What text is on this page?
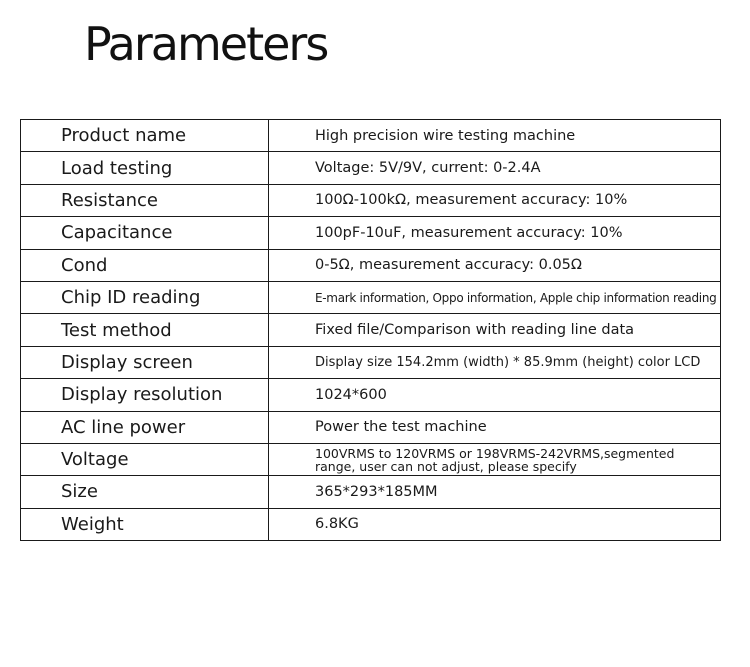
Parameters
Product name	High precision wire testing machine
Load testing	Voltage: 5V/9V, current: 0-2.4A
Resistance	100Ω-100kΩ, measurement accuracy: 10%
Capacitance	100pF-10uF, measurement accuracy: 10%
Cond	0-5Ω, measurement accuracy: 0.05Ω
Chip ID reading	E-mark information, Oppo information, Apple chip information reading
Test method	Fixed file/Comparison with reading line data
Display screen	Display size 154.2mm (width) * 85.9mm (height) color LCD
Display resolution	1024*600
AC line power	Power the test machine
Voltage	100VRMS to 120VRMS or 198VRMS-242VRMS,segmented range, user can not adjust, please specify
Size	365*293*185MM
Weight	6.8KG
